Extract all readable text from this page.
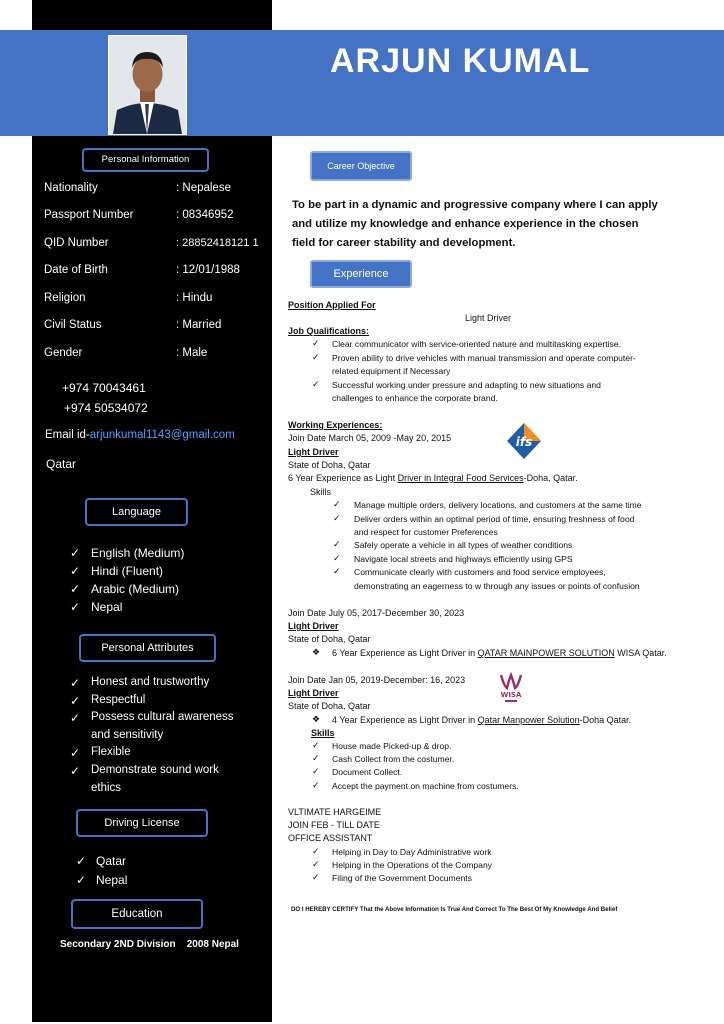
ARJUN KUMAL
Personal Information
Nationality	: Nepalese
Passport Number	: 08346952
QID Number	: 28852418121 1
Date of Birth	: 12/01/1988
Religion	: Hindu
Civil Status	: Married
Gender	: Male
+974 70043461
+974 50534072
Email id-arjunkumal1143@gmail.com
Qatar
Language
✓ English (Medium)
✓ Hindi (Fluent)
✓ Arabic (Medium)
✓ Nepal
Personal Attributes
✓ Honest and trustworthy
✓ Respectful
✓ Possess cultural awareness
and sensitivity
✓ Flexible
✓ Demonstrate sound work
ethics
Driving License
✓ Qatar
✓ Nepal
Education
Secondary 2ND Division    2008 Nepal
Career Objective
To be part in a dynamic and progressive company where I can apply
and utilize my knowledge and enhance experience in the chosen
field for career stability and development.
Experience
Position Applied For
Light Driver
Job Qualifications:
✓ Clear communicator with service-oriented nature and multitasking expertise.
✓ Proven ability to drive vehicles with manual transmission and operate computer-
related equipment if Necessary
✓ Successful working under pressure and adapting to new situations and
challenges to enhance the corporate brand.
Working Experiences:
Join Date March 05, 2009 -May 20, 2015
Light Driver
State of Doha, Qatar
6 Year Experience as Light Driver in Integral Food Services-Doha, Qatar.
Skills
ifs
✓ Manage multiple orders, delivery locations, and customers at the same time
✓ Deliver orders within an optimal period of time, ensuring freshness of food
and respect for customer Preferences
✓ Safely operate a vehicle in all types of weather conditions
✓ Navigate local streets and highways efficiently using GPS
✓ Communicate clearly with customers and food service employees,
demonstrating an eagerness to w through any issues or points of confusion
Join Date July 05, 2017-December 30, 2023
Light Driver
State of Doha, Qatar
❖ 6 Year Experience as Light Driver in QATAR MAINPOWER SOLUTION WISA Qatar.
Join Date Jan 05, 2019-December: 16, 2023
Light Driver
State of Doha, Qatar
WISA
❖ 4 Year Experience as Light Driver in Qatar Manpower Solution-Doha Qatar.
Skills
✓ House made Picked-up & drop.
✓ Cash Collect from the costumer.
✓ Document Collect.
✓ Accept the payment on machine from costumers.
VLTIMATE HARGEIME
JOIN FEB - TILL DATE
OFFICE ASSISTANT
✓ Helping in Day to Day Administrative work
✓ Helping in the Operations of the Company
✓ Filing of the Government Documents
DO I HEREBY CERTIFY That the Above Information Is True And Correct To The Best Of My Knowledge And Belief
